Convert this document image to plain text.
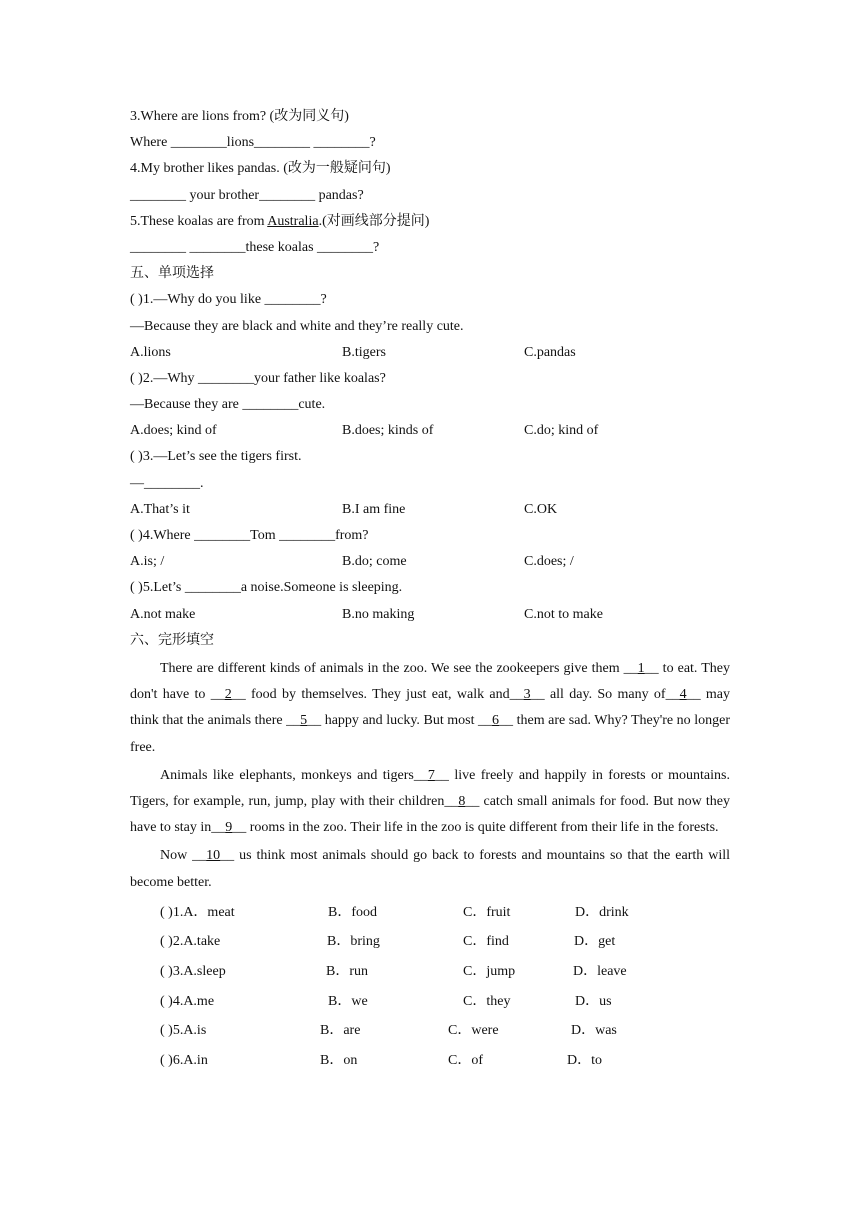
3.Where are lions from? (改为同义句)
Where ________lions________ ________?
4.My brother likes pandas. (改为一般疑问句)
________ your brother________ pandas?
5.These koalas are from Australia.(对画线部分提问)
________ ________these koalas ________?
五、单项选择
( )1.—Why do you like ________?
—Because they are black and white and they’re really cute.
A.lions	B.tigers	C.pandas
( )2.—Why ________your father like koalas?
—Because they are ________cute.
A.does; kind of	B.does; kinds of	C.do; kind of
( )3.—Let’s see the tigers first.
—________.
A.That’s it	B.I am fine	C.OK
( )4.Where ________Tom ________from?
A.is; /	B.do; come	C.does; /
( )5.Let’s ________a noise.Someone is sleeping.
A.not make	B.no making	C.not to make
六、完形填空

There are different kinds of animals in the zoo. We see the zookeepers give them __1__ to eat. They don't have to __2__ food by themselves. They just eat, walk and__3__ all day. So many of__4__ may think that the animals there __5__ happy and lucky. But most __6__ them are sad. Why? They're no longer free.

Animals like elephants, monkeys and tigers__7__ live freely and happily in forests or mountains. Tigers, for example, run, jump, play with their children__8__ catch small animals for food. But now they have to stay in__9__ rooms in the zoo. Their life in the zoo is quite different from their life in the forests.

Now __10__ us think most animals should go back to forests and mountains so that the earth will become better.

( )1.A．meat	B．food	C．fruit	D．drink
( )2.A.take	B．bring	C．find	D．get
( )3.A.sleep	B．run	C．jump	D．leave
( )4.A.me	B．we	C．they	D．us
( )5.A.is	B．are	C．were	D．was
( )6.A.in	B．on	C．of	D．to
